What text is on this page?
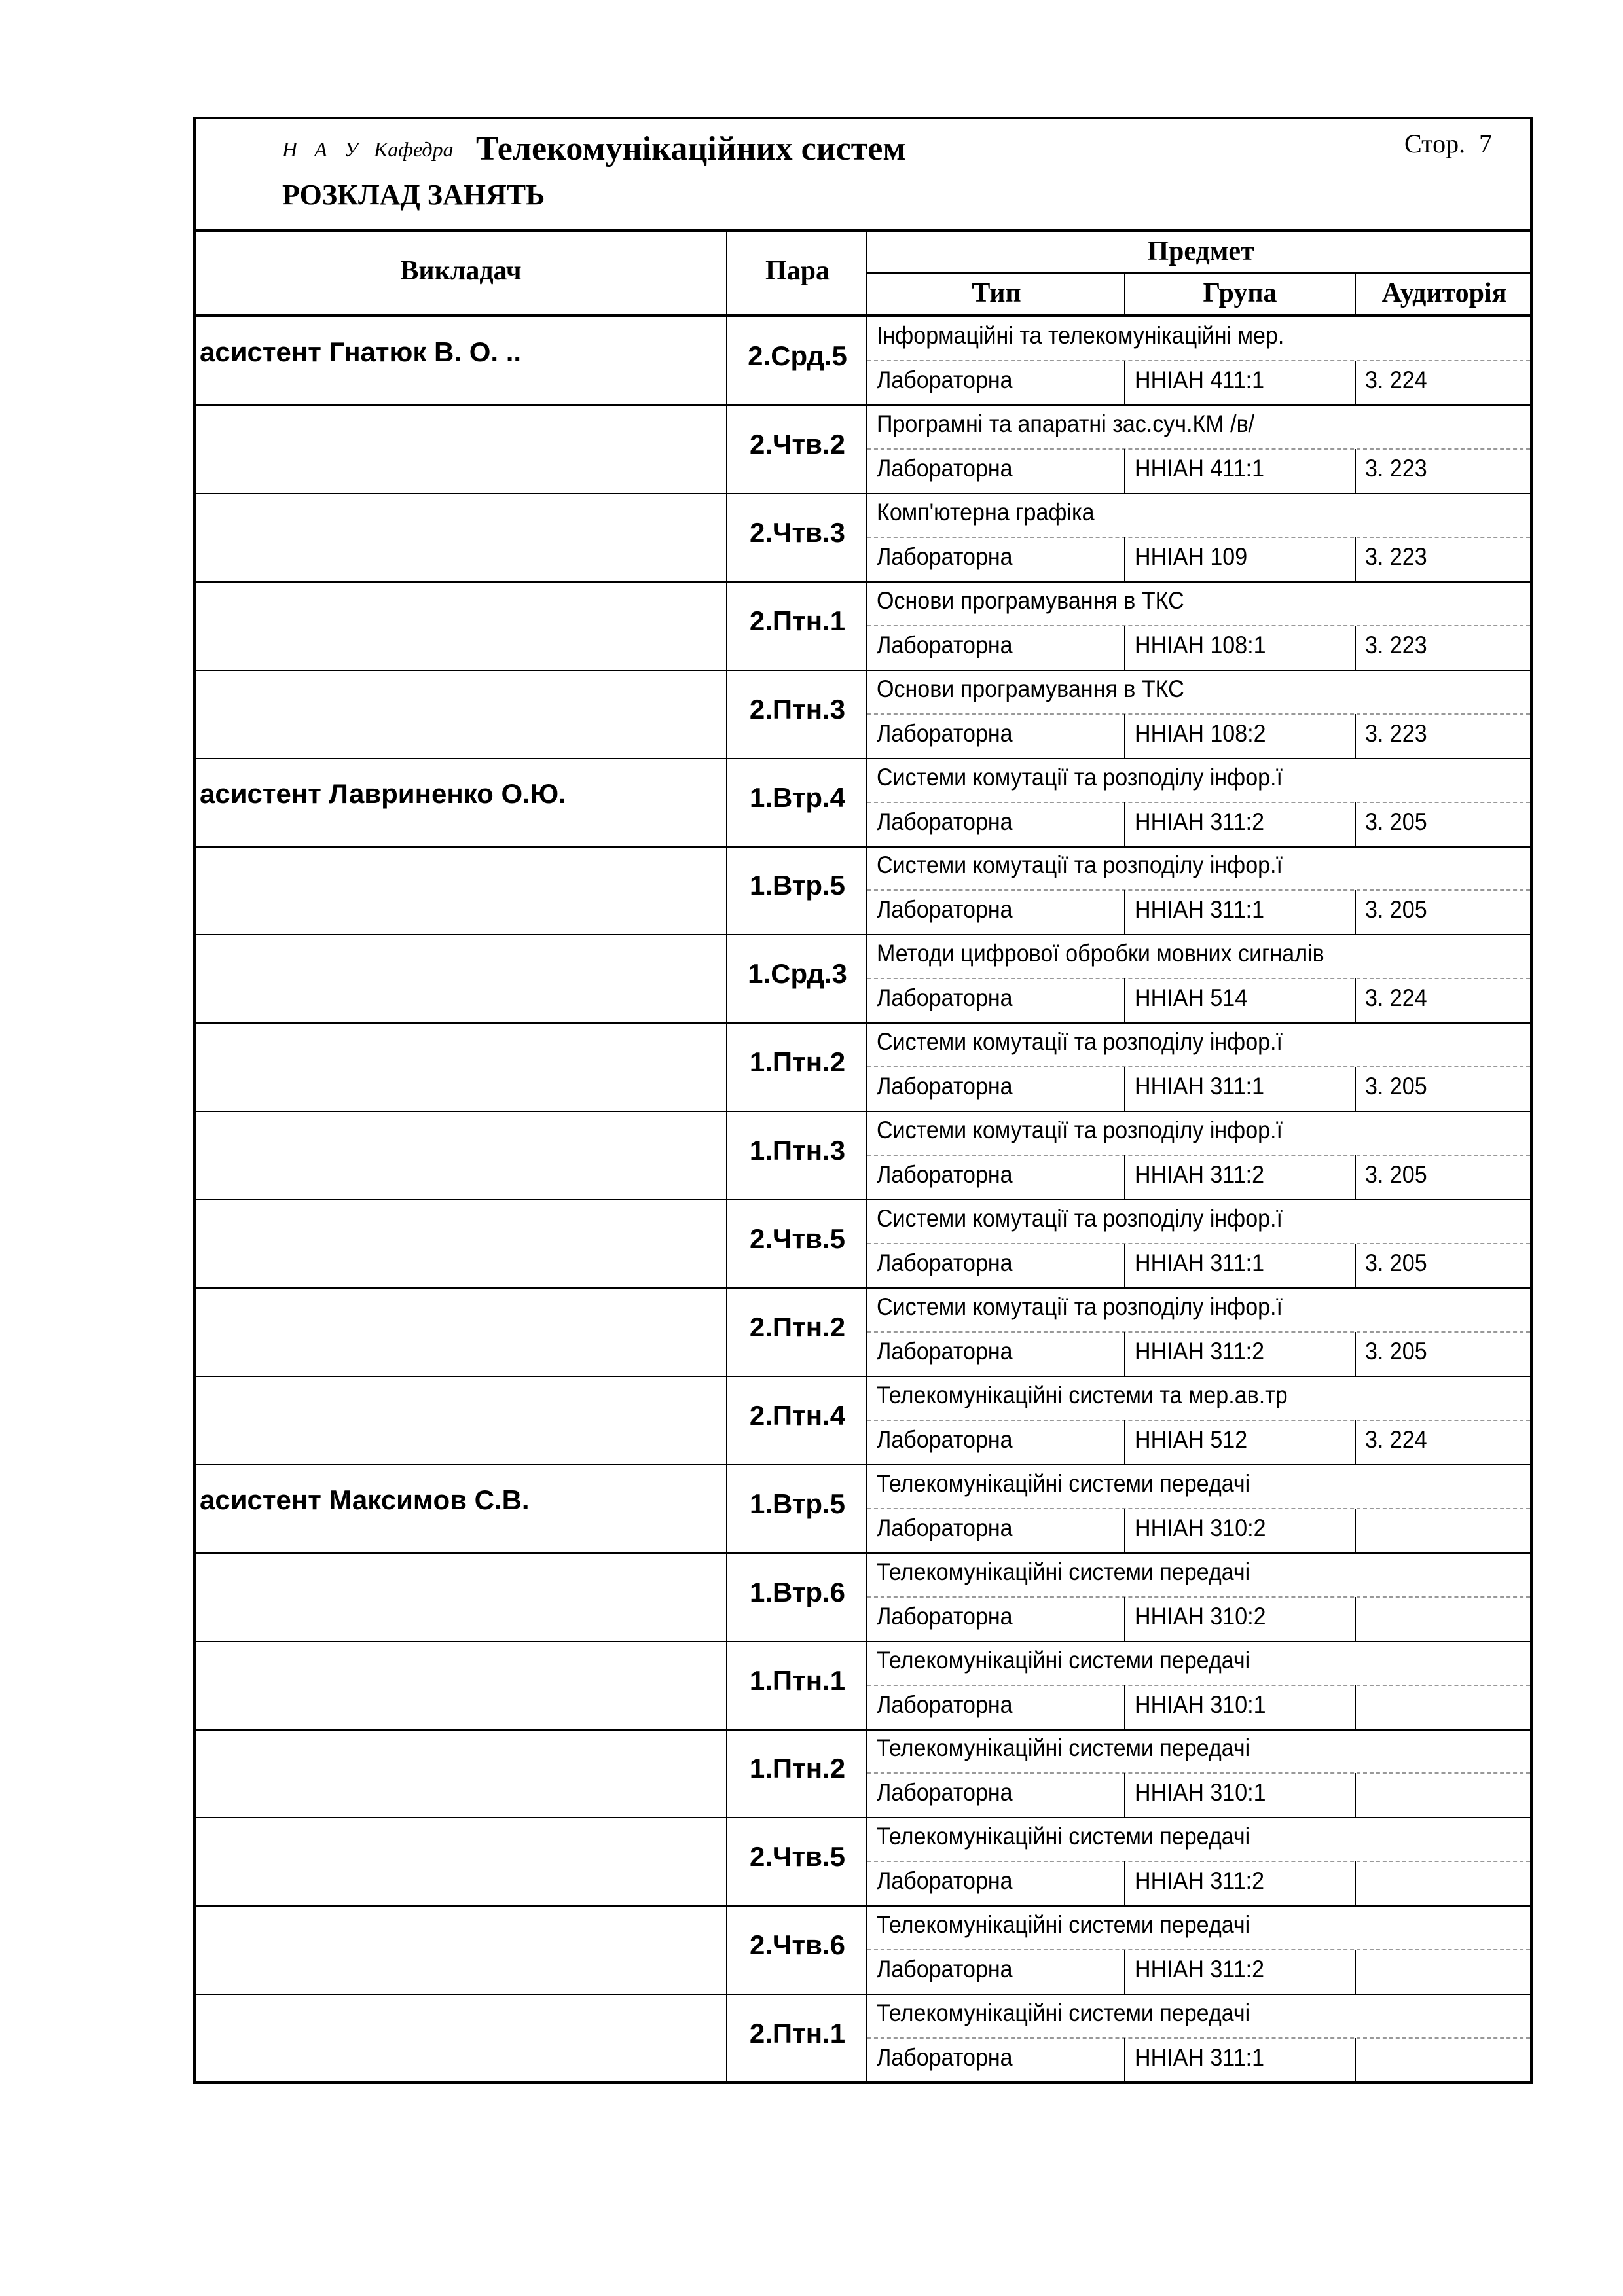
Н А У Кафедра Телекомунікаційних систем
РОЗКЛАД ЗАНЯТЬ
Стор. 7
Викладач	Пара
Предмет
Тип	Група	Аудиторія
асистент Гнатюк В. О. ..	2.Срд.5
Інформаційні та телекомунікаційні мер.
Лабораторна	ННІАН 411:1	3. 224
2.Чтв.2
Програмні та апаратні зас.суч.КМ /в/
Лабораторна	ННІАН 411:1	3. 223
2.Чтв.3
Комп'ютерна графіка
Лабораторна	ННІАН 109	3. 223
2.Птн.1
Основи програмування в ТКС
Лабораторна	ННІАН 108:1	3. 223
2.Птн.3
Основи програмування в ТКС
Лабораторна	ННІАН 108:2	3. 223
асистент Лавриненко О.Ю.	1.Втр.4
Системи комутації та розподілу інфор.ї
Лабораторна	ННІАН 311:2	3. 205
1.Втр.5
Системи комутації та розподілу інфор.ї
Лабораторна	ННІАН 311:1	3. 205
1.Срд.3
Методи цифрової обробки мовних сигналів
Лабораторна	ННІАН 514	3. 224
1.Птн.2
Системи комутації та розподілу інфор.ї
Лабораторна	ННІАН 311:1	3. 205
1.Птн.3
Системи комутації та розподілу інфор.ї
Лабораторна	ННІАН 311:2	3. 205
2.Чтв.5
Системи комутації та розподілу інфор.ї
Лабораторна	ННІАН 311:1	3. 205
2.Птн.2
Системи комутації та розподілу інфор.ї
Лабораторна	ННІАН 311:2	3. 205
2.Птн.4
Телекомунікаційні системи та мер.ав.тр
Лабораторна	ННІАН 512	3. 224
асистент Максимов С.В.	1.Втр.5
Телекомунікаційні системи передачі
Лабораторна	ННІАН 310:2
1.Втр.6
Телекомунікаційні системи передачі
Лабораторна	ННІАН 310:2
1.Птн.1
Телекомунікаційні системи передачі
Лабораторна	ННІАН 310:1
1.Птн.2
Телекомунікаційні системи передачі
Лабораторна	ННІАН 310:1
2.Чтв.5
Телекомунікаційні системи передачі
Лабораторна	ННІАН 311:2
2.Чтв.6
Телекомунікаційні системи передачі
Лабораторна	ННІАН 311:2
2.Птн.1
Телекомунікаційні системи передачі
Лабораторна	ННІАН 311:1
